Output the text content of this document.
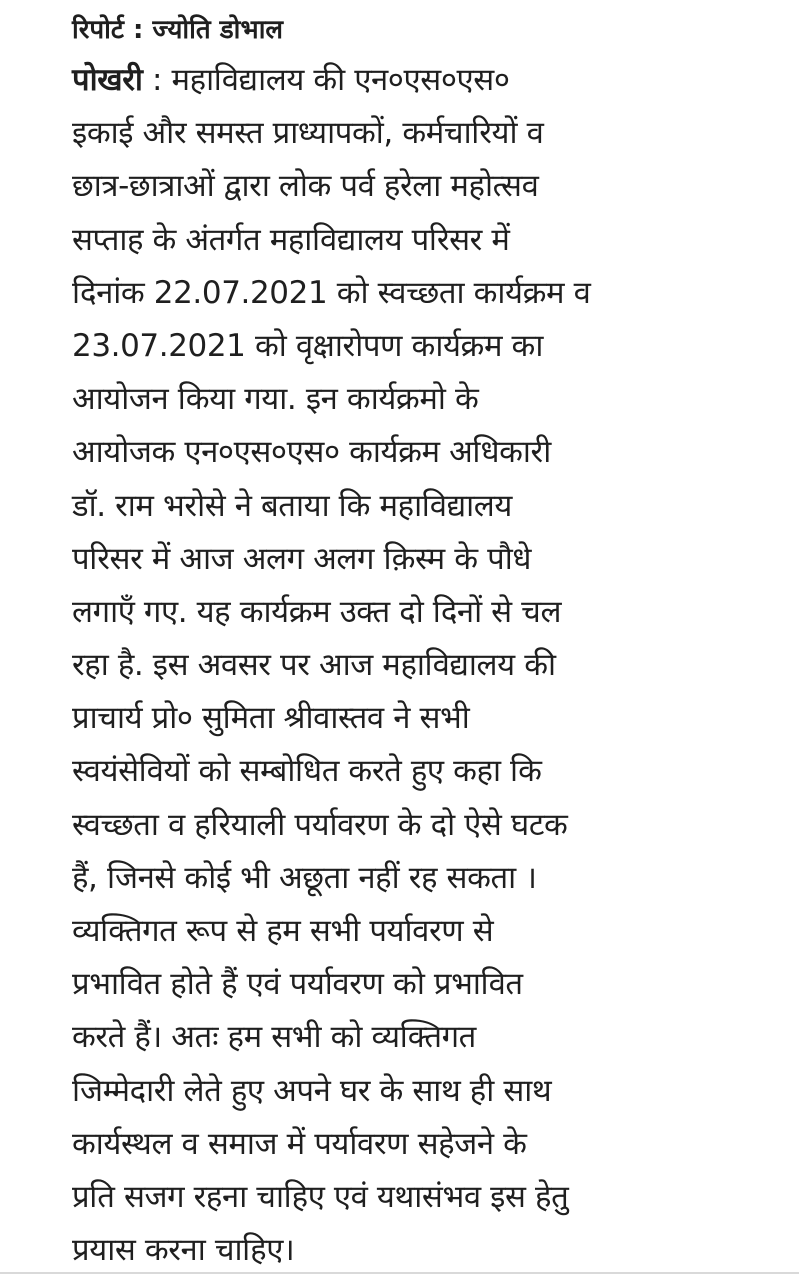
रिपोर्ट : ज्योति डोभाल
पोखरी : महाविद्यालय की एन०एस०एस०
इकाई और समस्त प्राध्यापकों, कर्मचारियों व
छात्र-छात्राओं द्वारा लोक पर्व हरेला महोत्सव
सप्ताह के अंतर्गत महाविद्यालय परिसर में
दिनांक 22.07.2021 को स्वच्छता कार्यक्रम व
23.07.2021 को वृक्षारोपण कार्यक्रम का
आयोजन किया गया. इन कार्यक्रमो के
आयोजक एन०एस०एस० कार्यक्रम अधिकारी
डॉ. राम भरोसे ने बताया कि महाविद्यालय
परिसर में आज अलग अलग क़िस्म के पौधे
लगाएँ गए. यह कार्यक्रम उक्त दो दिनों से चल
रहा है. इस अवसर पर आज महाविद्यालय की
प्राचार्य प्रो० सुमिता श्रीवास्तव ने सभी
स्वयंसेवियों को सम्बोधित करते हुए कहा कि
स्वच्छता व हरियाली पर्यावरण के दो ऐसे घटक
हैं, जिनसे कोई भी अछूता नहीं रह सकता ।
व्यक्तिगत रूप से हम सभी पर्यावरण से
प्रभावित होते हैं एवं पर्यावरण को प्रभावित
करते हैं। अतः हम सभी को व्यक्तिगत
जिम्मेदारी लेते हुए अपने घर के साथ ही साथ
कार्यस्थल व समाज में पर्यावरण सहेजने के
प्रति सजग रहना चाहिए एवं यथासंभव इस हेतु
प्रयास करना चाहिए।
